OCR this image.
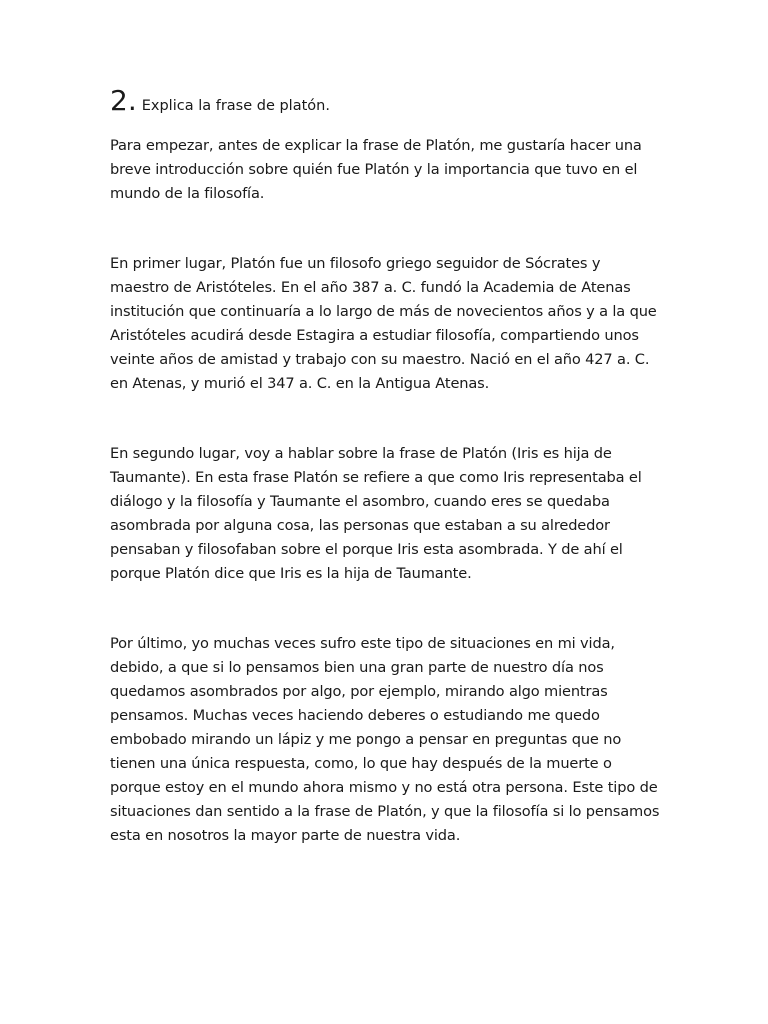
2. Explica la frase de platón.

Para empezar, antes de explicar la frase de Platón, me gustaría hacer una breve introducción sobre quién fue Platón y la importancia que tuvo en el mundo de la filosofía.

En primer lugar, Platón fue un filosofo griego seguidor de Sócrates y maestro de Aristóteles. En el año 387 a. C. fundó la Academia de Atenas institución que continuaría a lo largo de más de novecientos años y a la que Aristóteles acudirá desde Estagira a estudiar filosofía, compartiendo unos veinte años de amistad y trabajo con su maestro. Nació en el año 427 a. C. en Atenas, y murió el 347 a. C. en la Antigua Atenas.

En segundo lugar, voy a hablar sobre la frase de Platón (Iris es hija de Taumante). En esta frase Platón se refiere a que como Iris representaba el diálogo y la filosofía y Taumante el asombro, cuando eres se quedaba asombrada por alguna cosa, las personas que estaban a su alrededor pensaban y filosofaban sobre el porque Iris esta asombrada. Y de ahí el porque Platón dice que Iris es la hija de Taumante.

Por último, yo muchas veces sufro este tipo de situaciones en mi vida, debido, a que si lo pensamos bien una gran parte de nuestro día nos quedamos asombrados por algo, por ejemplo, mirando algo mientras pensamos. Muchas veces haciendo deberes o estudiando me quedo embobado mirando un lápiz y me pongo a pensar en preguntas que no tienen una única respuesta, como, lo que hay después de la muerte o porque estoy en el mundo ahora mismo y no está otra persona. Este tipo de situaciones dan sentido a la frase de Platón, y que la filosofía si lo pensamos esta en nosotros la mayor parte de nuestra vida.
